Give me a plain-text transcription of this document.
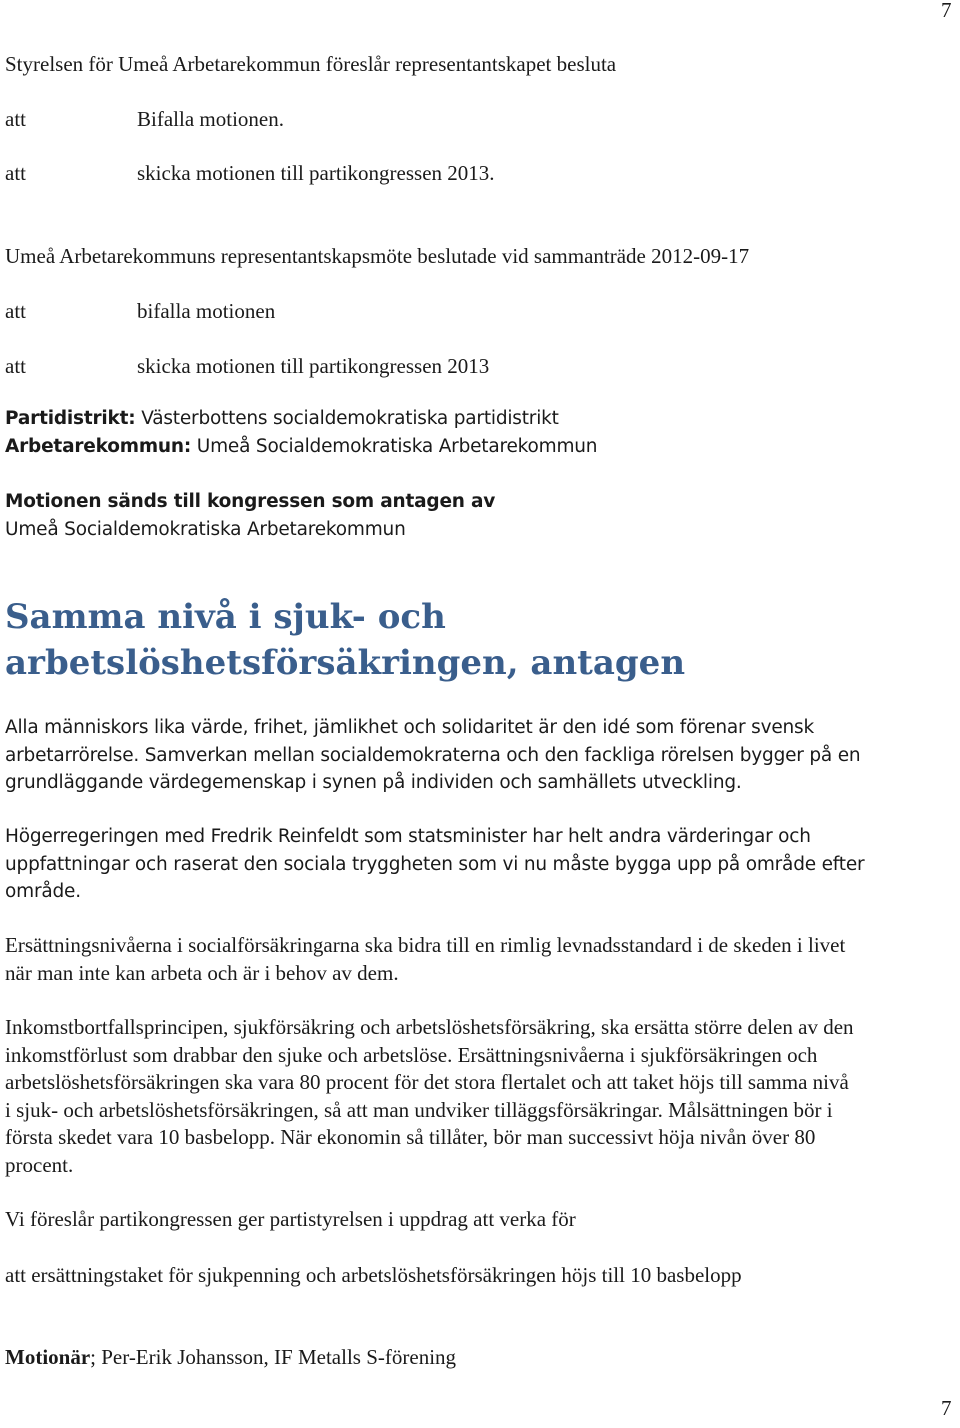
7
7
Styrelsen för Umeå Arbetarekommun föreslår representantskapet besluta
att	Bifalla motionen.
att	skicka motionen till partikongressen 2013.
Umeå Arbetarekommuns representantskapsmöte beslutade vid sammanträde 2012-09-17
att	bifalla motionen
att	skicka motionen till partikongressen 2013
Partidistrikt: Västerbottens socialdemokratiska partidistrikt
Arbetarekommun: Umeå Socialdemokratiska Arbetarekommun
Motionen sänds till kongressen som antagen av
Umeå Socialdemokratiska Arbetarekommun
Samma nivå i sjuk- och arbetslöshetsförsäkringen, antagen
Alla människors lika värde, frihet, jämlikhet och solidaritet är den idé som förenar svensk
arbetarrörelse. Samverkan mellan socialdemokraterna och den fackliga rörelsen bygger på en
grundläggande värdegemenskap i synen på individen och samhällets utveckling.
Högerregeringen med Fredrik Reinfeldt som statsminister har helt andra värderingar och
uppfattningar och raserat den sociala tryggheten som vi nu måste bygga upp på område efter
område.
Ersättningsnivåerna i socialförsäkringarna ska bidra till en rimlig levnadsstandard i de skeden i livet
när man inte kan arbeta och är i behov av dem.
Inkomstbortfallsprincipen, sjukförsäkring och arbetslöshetsförsäkring, ska ersätta större delen av den
inkomstförlust som drabbar den sjuke och arbetslöse. Ersättningsnivåerna i sjukförsäkringen och
arbetslöshetsförsäkringen ska vara 80 procent för det stora flertalet och att taket höjs till samma nivå
i sjuk- och arbetslöshetsförsäkringen, så att man undviker tilläggsförsäkringar. Målsättningen bör i
första skedet vara 10 basbelopp. När ekonomin så tillåter, bör man successivt höja nivån över 80
procent.
Vi föreslår partikongressen ger partistyrelsen i uppdrag att verka för
att ersättningstaket för sjukpenning och arbetslöshetsförsäkringen höjs till 10 basbelopp
Motionär; Per-Erik Johansson, IF Metalls S-förening
